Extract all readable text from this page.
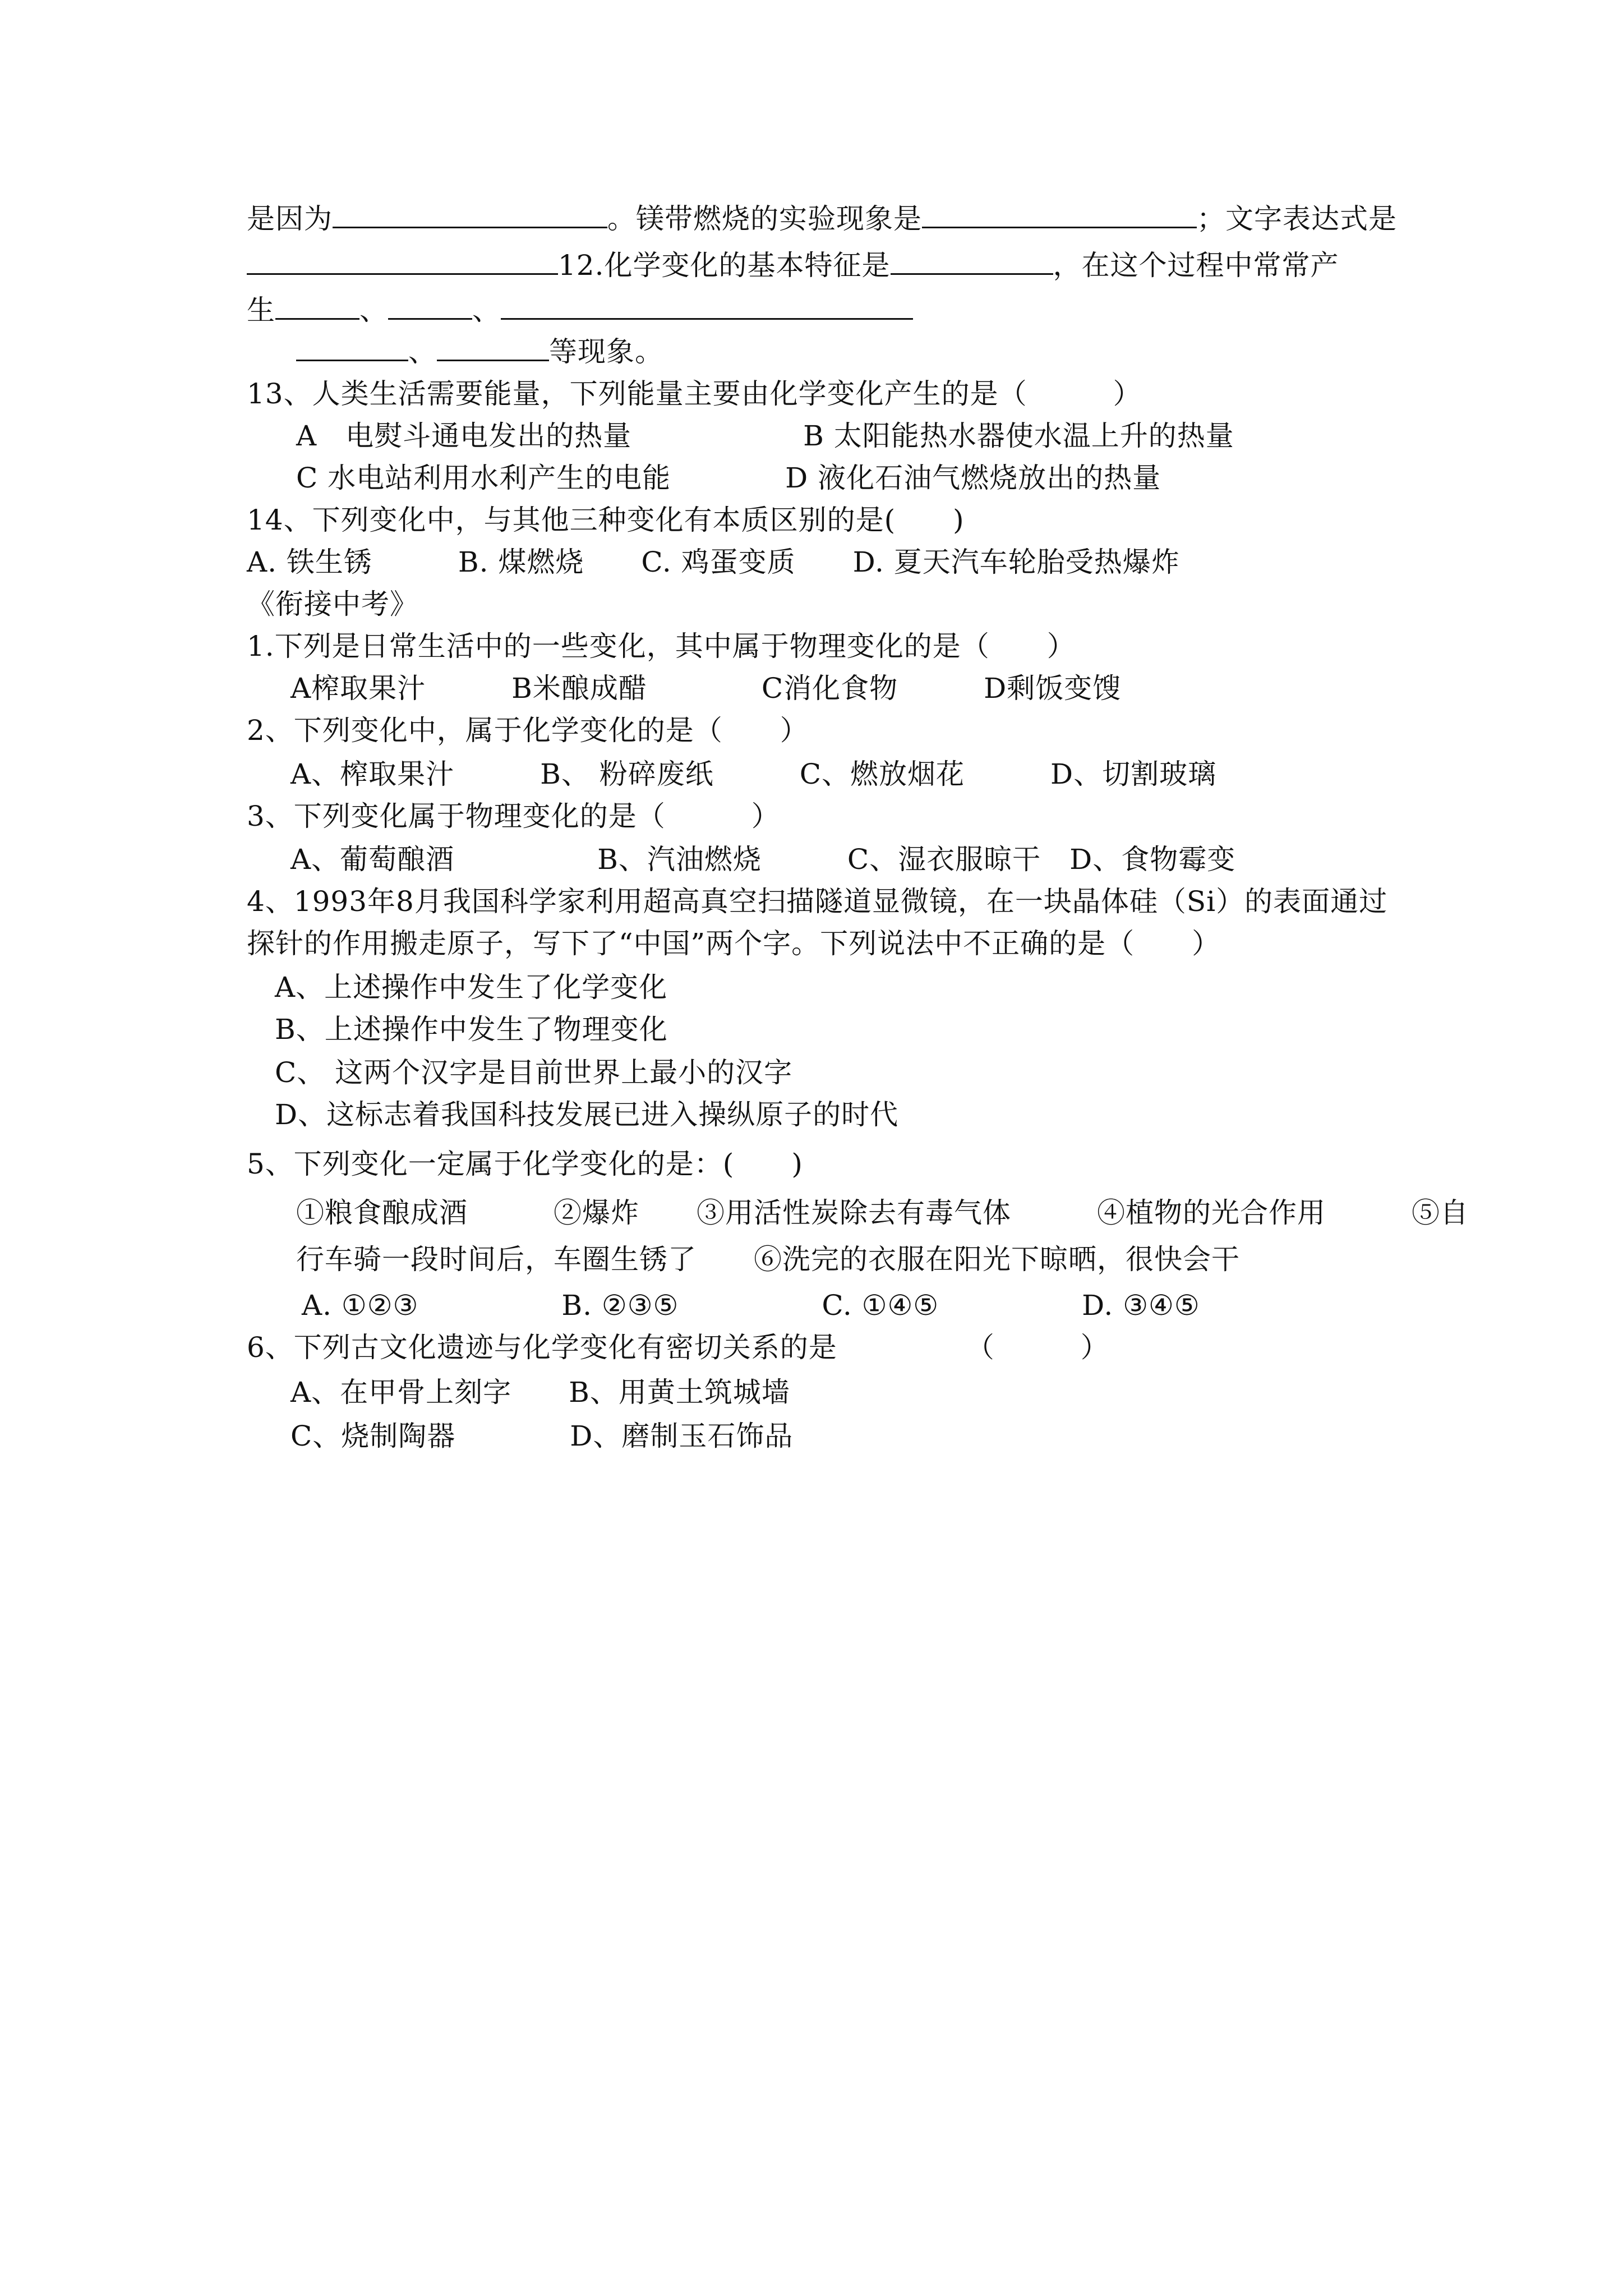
是因为	。镁带燃烧的实验现象是	；文字表达式是
12.化学变化的基本特征是	，在这个过程中常常产
生	、	、
、	等现象。
13、人类生活需要能量，下列能量主要由化学变化产生的是（　　　）
A　电熨斗通电发出的热量　　　　　　B 太阳能热水器使水温上升的热量
C 水电站利用水利产生的电能　　　　D 液化石油气燃烧放出的热量
14、下列变化中，与其他三种变化有本质区别的是(　　)
A. 铁生锈　　　B. 煤燃烧　　C. 鸡蛋变质　　D. 夏天汽车轮胎受热爆炸
《衔接中考》
1.下列是日常生活中的一些变化，其中属于物理变化的是（　　）
A榨取果汁　　　B米酿成醋　　　　C消化食物　　　D剩饭变馊
2、下列变化中，属于化学变化的是（　　）
A、榨取果汁　　　B、 粉碎废纸　　　C、燃放烟花　　　D、切割玻璃
3、下列变化属于物理变化的是（　　　）
A、葡萄酿酒　　　　　B、汽油燃烧　　　C、湿衣服晾干　D、食物霉变
4、1993年8月我国科学家利用超高真空扫描隧道显微镜，在一块晶体硅（Si）的表面通过
探针的作用搬走原子，写下了“中国”两个字。下列说法中不正确的是（　　）
A、上述操作中发生了化学变化
B、上述操作中发生了物理变化
C、 这两个汉字是目前世界上最小的汉字
D、这标志着我国科技发展已进入操纵原子的时代
5、下列变化一定属于化学变化的是：(　　)
①粮食酿成酒　　　②爆炸　　③用活性炭除去有毒气体　　　④植物的光合作用　　　⑤自
行车骑一段时间后，车圈生锈了　　⑥洗完的衣服在阳光下晾晒，很快会干
A. ①②③　　　　　B. ②③⑤　　　　　C. ①④⑤　　　　　D. ③④⑤
6、下列古文化遗迹与化学变化有密切关系的是　　　　　（　　　）
A、在甲骨上刻字　　B、用黄土筑城墙
C、烧制陶器　　　　D、磨制玉石饰品
